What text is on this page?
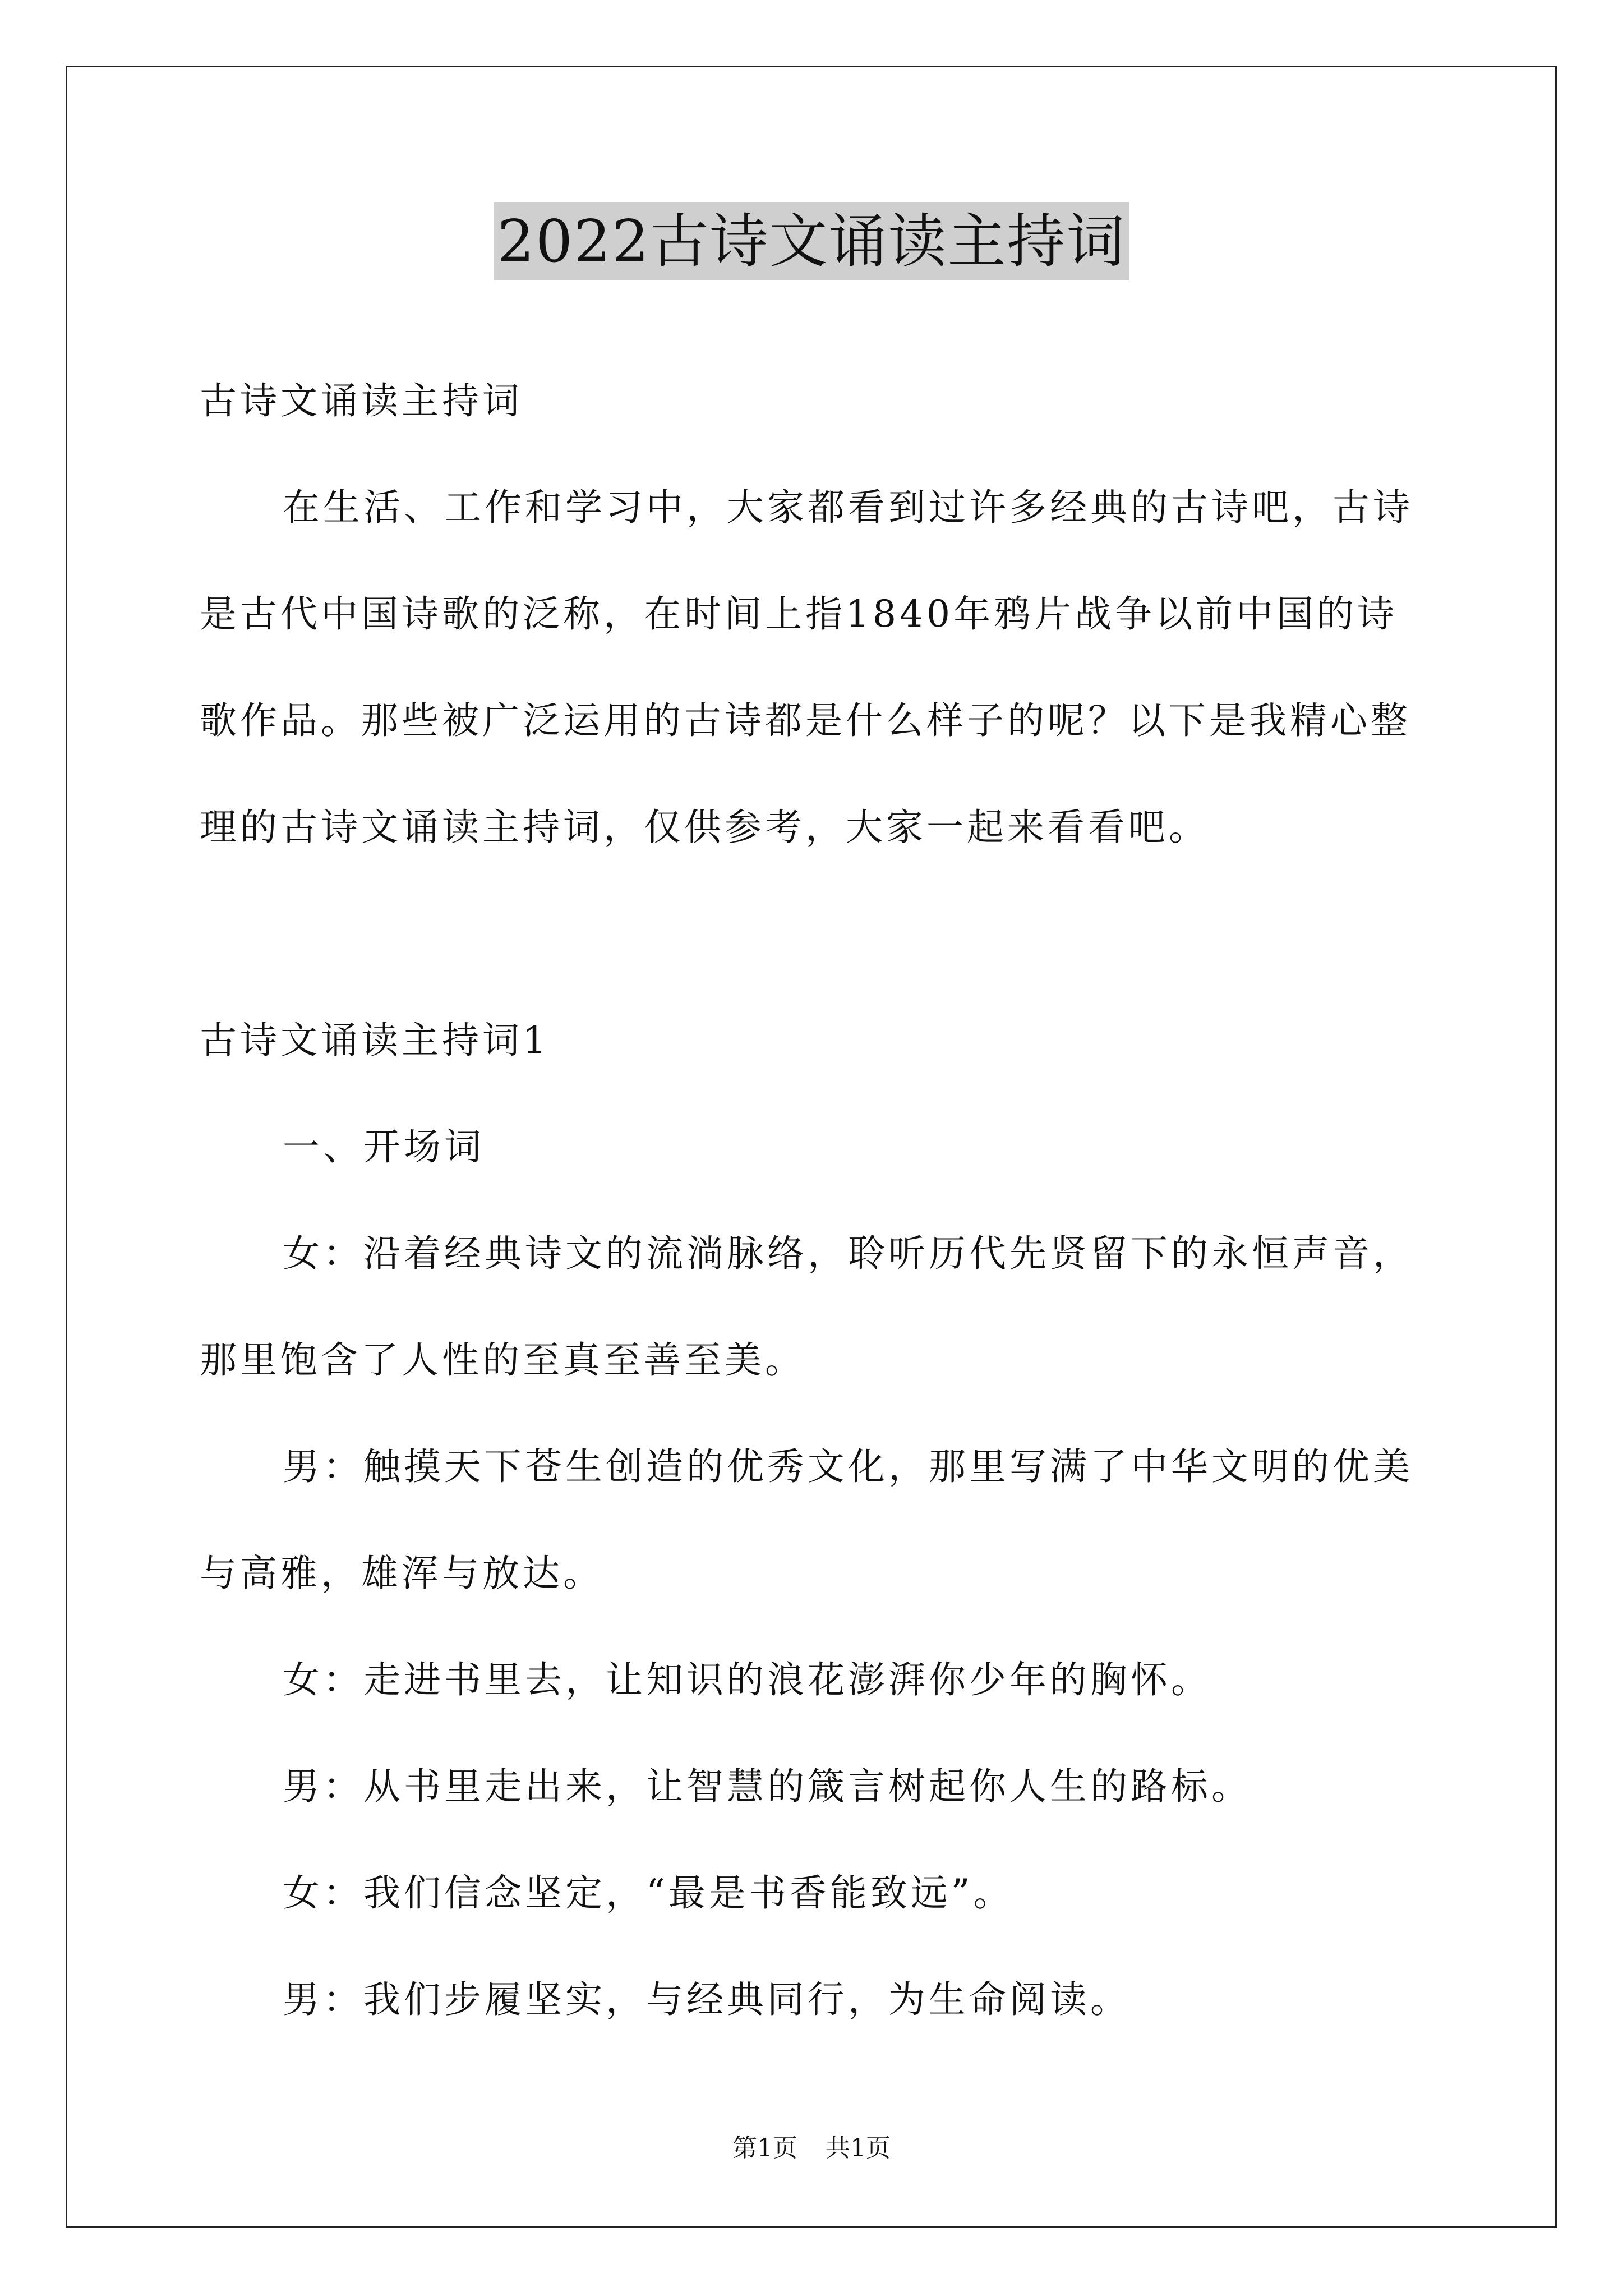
2022古诗文诵读主持词

古诗文诵读主持词

在生活、工作和学习中，大家都看到过许多经典的古诗吧，古诗是古代中国诗歌的泛称，在时间上指1840年鸦片战争以前中国的诗歌作品。那些被广泛运用的古诗都是什么样子的呢？以下是我精心整理的古诗文诵读主持词，仅供参考，大家一起来看看吧。

古诗文诵读主持词1

一、开场词

女：沿着经典诗文的流淌脉络，聆听历代先贤留下的永恒声音，那里饱含了人性的至真至善至美。

男：触摸天下苍生创造的优秀文化，那里写满了中华文明的优美与高雅，雄浑与放达。

女：走进书里去，让知识的浪花澎湃你少年的胸怀。

男：从书里走出来，让智慧的箴言树起你人生的路标。

女：我们信念坚定，“最是书香能致远”。

男：我们步履坚实，与经典同行，为生命阅读。

第1页 共1页
